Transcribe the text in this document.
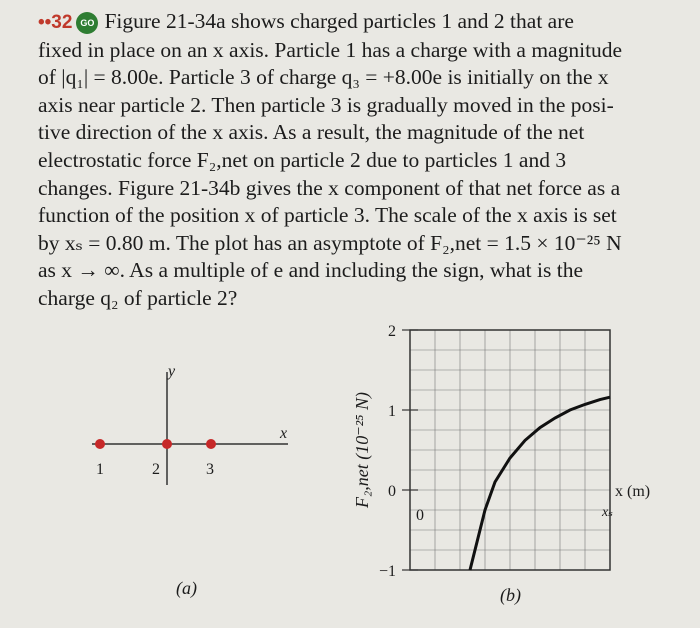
••32 GO Figure 21-34a shows charged particles 1 and 2 that are
fixed in place on an x axis. Particle 1 has a charge with a magnitude
of |q₁| = 8.00e. Particle 3 of charge q₃ = +8.00e is initially on the x
axis near particle 2. Then particle 3 is gradually moved in the posi-
tive direction of the x axis. As a result, the magnitude of the net
electrostatic force F₂,net on particle 2 due to particles 1 and 3
changes. Figure 21-34b gives the x component of that net force as a
function of the position x of particle 3. The scale of the x axis is set
by xₛ = 0.80 m. The plot has an asymptote of F₂,net = 1.5 × 10⁻²⁵ N
as x → ∞. As a multiple of e and including the sign, what is the
charge q₂ of particle 2?
y
x
1	2	3
(a)
2
1
0
−1
F₂,net (10⁻²⁵ N)	x (m)
xₛ
0
(b)
